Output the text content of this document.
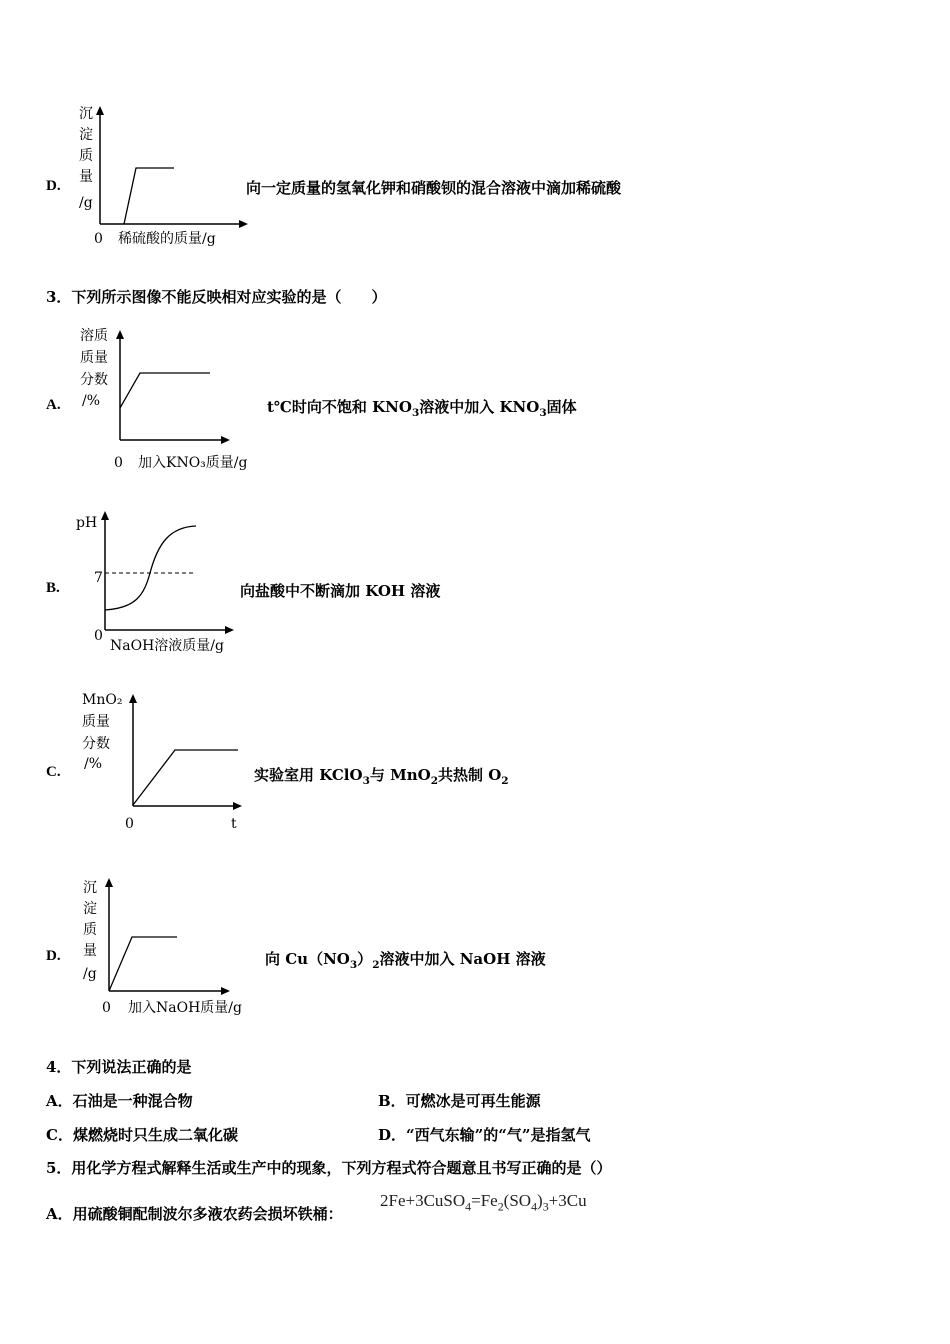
D.
沉
淀
质
量
/g
0 稀硫酸的质量/g
向一定质量的氢氧化钾和硝酸钡的混合溶液中滴加稀硫酸
3．下列所示图像不能反映相对应实验的是（　　）
A.
溶质
质量
分数
/%
0 加入KNO₃质量/g
t℃时向不饱和 $KNO_3$溶液中加入 $KNO_3$固体
B.
pH
7
0
NaOH溶液质量/g
向盐酸中不断滴加 KOH 溶液
C.
MnO₂
质量
分数
/%
0	t
实验室用 KClO$_3$与 MnO$_2$共热制 $O_2$
D.
沉
淀
质
量
/g
0 加入NaOH质量/g
向 $Cu(NO_3)_2$溶液中加入 NaOH 溶液
4．下列说法正确的是
A．石油是一种混合物	B．可燃冰是可再生能源
C．煤燃烧时只生成二氧化碳	D．“西气东输”的“气”是指氢气
5．用化学方程式解释生活或生产中的现象，下列方程式符合题意且书写正确的是（）
A．用硫酸铜配制波尔多液农药会损坏铁桶：
$2Fe+3CuSO_4=Fe_2(SO_4)_3+3Cu$
